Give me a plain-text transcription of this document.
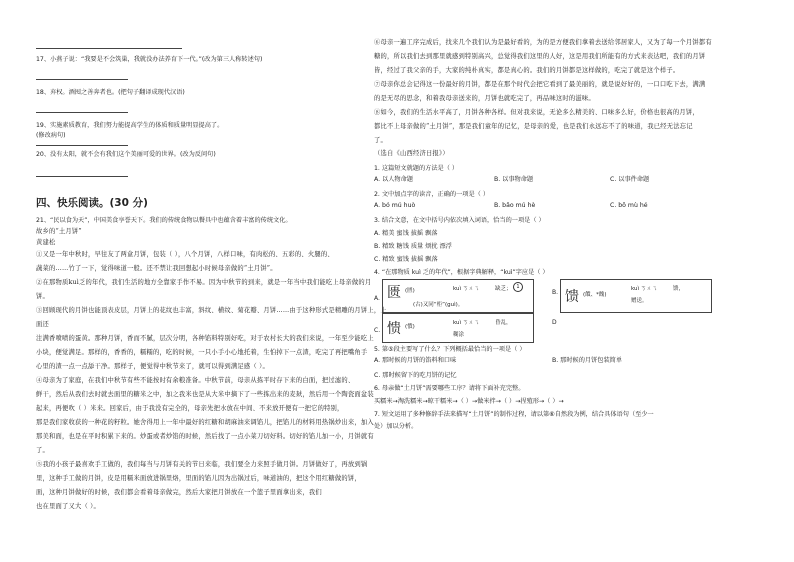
17、小燕子说：“我要是不会筑巢，我就没办法养育下一代。”(改为第三人称转述句)
18、弃权。酒囤之善奔者也。(把句子翻译成现代汉语)
19、实施素质教育，我们努力能提高学生的体质和质量明显提高了。
(修改病句)
20、没有太阳，就不会有我们这个美丽可爱的世界。(改为反问句)
四、快乐阅读。(30 分)
21、“民以食为天”，中国美食享誉天下。我们的传统食物以餐具中也蕴含着丰富的传统文化。
故乡的“土月饼”
黄建松
①又是一年中秋时，早往友了两盒月饼，包装（ ），八个月饼，八样口味，有肉松的、五彩的、火腿的、
蔬菜的……竹了一下，觉得味道一般。还不禁让我回想起小时候母亲做的“土月饼”。
②在那物质kuì乏的年代，我们生活的地方全靠家手作不易。因为中秋节的到来，就是一年当中我们能吃上母亲做的月
饼。
③回顾现代的月饼也能顶表皮层，月饼上的花纹也丰富，斜纹、横纹、菊花瓣、月饼……由于这种形式是精雕的月饼上，上面还
注满香喷喷的蛋黄。那种月饼，香而不腻，层次分明，各种馅料特别好吃，对于农村长大的我们来说，一年至少能吃上
小块，便觉满足。那样的，香香的，糯糯的，吃的时候，一只小手小心地托着，生怕掉下一点渣，吃完了再把嘴角手
心里的渣一点一点舔干净。那样子，便觉得中秋节来了，就可以得到满足感（ ）。
④母亲为了家庭，在我们中秋节有些不能按时有余粮准备。中秋节前，母亲从拣平时存下来的白面，把过滤的、
鲜干，然后从我们去时就去面里的糖米之中，加之我米也是从大米中摘下了一些拣出来的麦麸，然后用一个陶瓷面盆装
起来，再便吹（ ）米来。回家后，由于我没有完全的，母亲先把水放在中间、不来放开便有一把它的特别，
那是我们家收获的一种花的籽粒。她舍得用上一年中最好的红糖和胡麻油来调馅儿，把馅儿的材料用热锅炒出来，加入
那美和面，也是在平时积累下来的。炒蛋或者炒馅的时候，然后找了一点小菜刀切好料。切好的馅儿加一小，月饼就有
了。
⑤我的小孩子最喜欢手工做的，我们每当与月饼有关的节日来临，我们要全力来照手做月饼。月饼做好了，再放到锅
里，这种手工做的月饼，皮是用糯米面放进锅里烙，里面的馅儿因为出锅过后，味道油的，把这个用红糖做的饼，
面，这种月饼做好的时候，我们都会看着母亲做完，然后大家把月饼放在一个篮子里面拿出来，我们
也在里面了又大（ ）。
⑥母亲一遍工序完成后，找来几个我们认为是最好看的，为的是方便我们拿着去送给邻居家人，又为了每一个月饼都有
糖的，所以我们去到那里就感到特别高兴，总觉得我们这里的人好，这是用我们所能有的方式来表达吧，我们的月饼
皆，经过了我父亲的手，大家的纯朴真实，都是真心的。我们的月饼都是这样做的，吃完了就是这个样子。
⑦母亲你总会记得这一份最好的月饼，都是在那个时代会把它看到了最美丽的，就是说好好的，一口口吃下去，满满
的是无尽的思念，和着我母亲送来的，月饼也就吃完了，再品味这时的滋味。
⑧如今，我们的生活水平高了，月饼各种各样。但对我来说，无论多么精美的、口味多么好，价格也很高的月饼，
都比不上母亲做的“土月饼”，那是我们童年的记忆，是母亲的爱，也是我们永远忘不了的味道，我已经无法忘记
了。
（选自《山西经济日报》）
1. 这篇短文就题的方法是（ ）
A. 以人物命题	B. 以事物命题	C. 以事件命题
2. 文中加点字的读音，正确的一项是（ ）
A. bó mú huò	B. bǎo mú hè	C. bō mù hé
3. 结合文意，在文中括号内依次填入词语，恰当的一项是（ ）
A. 精美 蜜饯 拔摇 飘落
B. 精致 糖饯 质量 烦扰 漂浮
C. 精致 蜜饯 拔摇 飘落
4. “在那物质 kuì 乏的年代”，根据字典解释，“kuì”字应是（ ）
A. 匮 (匮)	kuì ㄎㄨㄟ	缺乏； 1
(古)又同“柜”(guì)。
B. 馈 (饋、*餽)
kuì ㄎㄨㄟ	馈，
赠送。
C. 愦 (憒)
kuì ㄎㄨㄟ	昏乱，
糊涂
D
5. 第⑤段主要写了什么？下列概括最恰当的一项是（ ）
A. 那时候的月饼的馅料和口味	B. 那时候的月饼包装简单
C. 那时候留下的吃月饼的记忆
6. 母亲做“土月饼”需要哪些工序？请将下面补充完整。
买糯米→淘洗糯米→晾干糯米→（ ）→做米拌→（ ）→捏殖形→（ ）→
7. 短文运用了多种修辞手法来描写“土月饼”的制作过程，请以第⑥自然段为例，结合具体语句（至少一
处）加以分析。
